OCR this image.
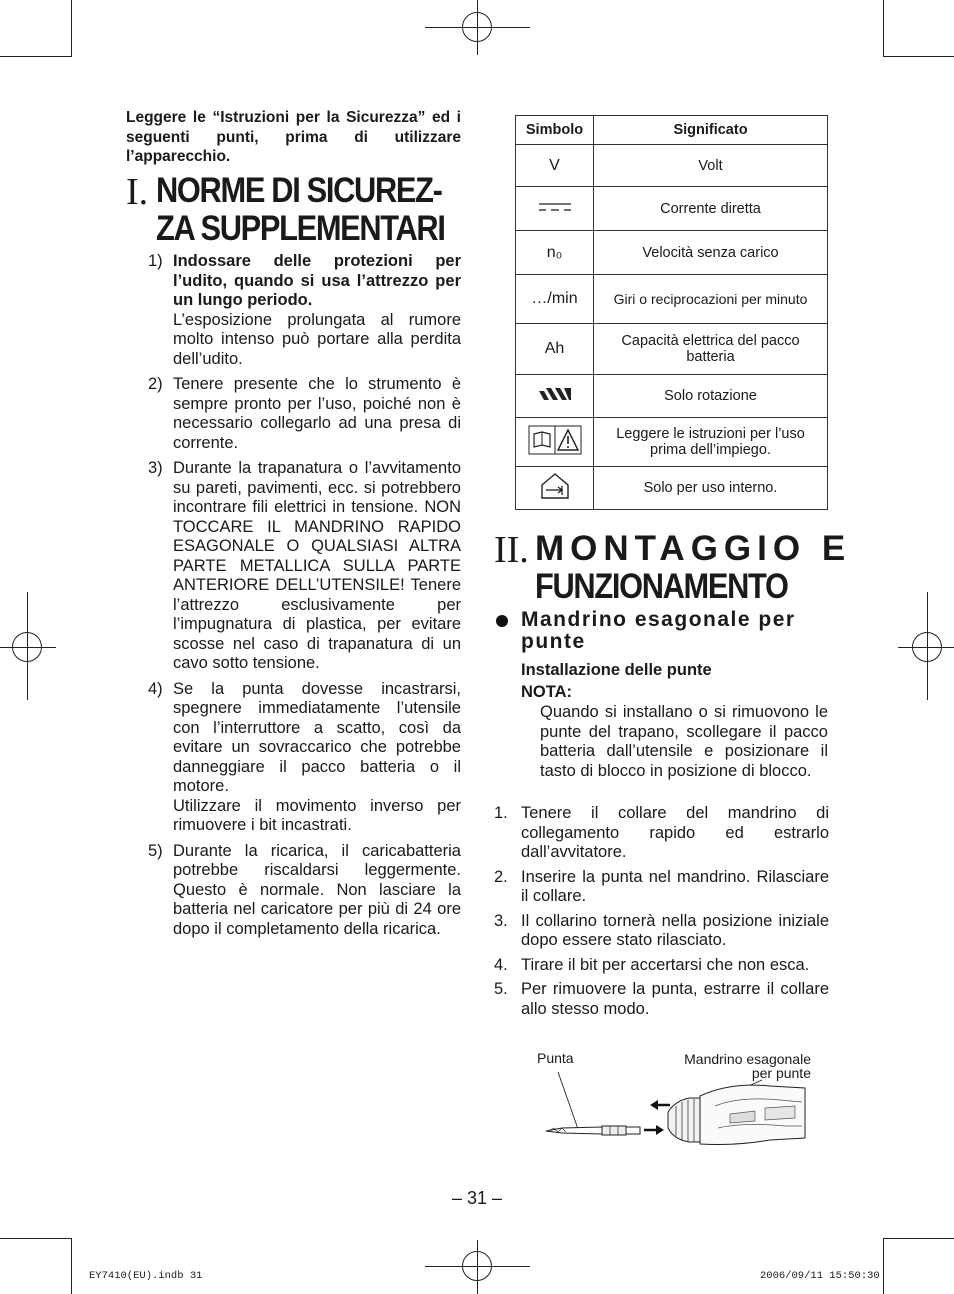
Leggere le “Istruzioni per la Sicurezza” ed i seguenti punti, prima di utilizzare l’apparecchio.
I. NORME DI SICUREZ-
ZA SUPPLEMENTARI
1) Indossare delle protezioni per l’udito, quando si usa l’attrezzo per un lungo periodo.
L’esposizione prolungata al rumore molto intenso può portare alla perdita dell’udito.
2) Tenere presente che lo strumento è sempre pronto per l’uso, poiché non è necessario collegarlo ad una presa di corrente.
3) Durante la trapanatura o l’avvitamento su pareti, pavimenti, ecc. si potrebbero incontrare fili elettrici in tensione. NON TOCCARE IL MANDRINO RAPIDO ESAGONALE O QUALSIASI ALTRA PARTE METALLICA SULLA PARTE ANTERIORE DELL’UTENSILE! Tenere l’attrezzo esclusivamente per l’impugnatura di plastica, per evitare scosse nel caso di trapanatura di un cavo sotto tensione.
4) Se la punta dovesse incastrarsi, spegnere immediatamente l’utensile con l’interruttore a scatto, così da evitare un sovraccarico che potrebbe danneggiare il pacco batteria o il motore.
Utilizzare il movimento inverso per rimuovere i bit incastrati.
5) Durante la ricarica, il caricabatteria potrebbe riscaldarsi leggermente. Questo è normale. Non lasciare la batteria nel caricatore per più di 24 ore dopo il completamento della ricarica.
Simbolo	Significato
V	Volt
	Corrente diretta
n₀	Velocità senza carico
…/min	Giri o reciprocazioni per minuto
Ah	Capacità elettrica del pacco batteria
	Solo rotazione
	Leggere le istruzioni per l’uso prima dell’impiego.
	Solo per uso interno.
II. MONTAGGIO E
FUNZIONAMENTO
Mandrino esagonale per punte
Installazione delle punte
NOTA:
Quando si installano o si rimuovono le punte del trapano, scollegare il pacco batteria dall’utensile e posizionare il tasto di blocco in posizione di blocco.
1. Tenere il collare del mandrino di collegamento rapido ed estrarlo dall’avvitatore.
2. Inserire la punta nel mandrino. Rilasciare il collare.
3. Il collarino tornerà nella posizione iniziale dopo essere stato rilasciato.
4. Tirare il bit per accertarsi che non esca.
5. Per rimuovere la punta, estrarre il collare allo stesso modo.
Punta	Mandrino esagonale
per punte
– 31 –
EY7410(EU).indb 31	2006/09/11 15:50:30
